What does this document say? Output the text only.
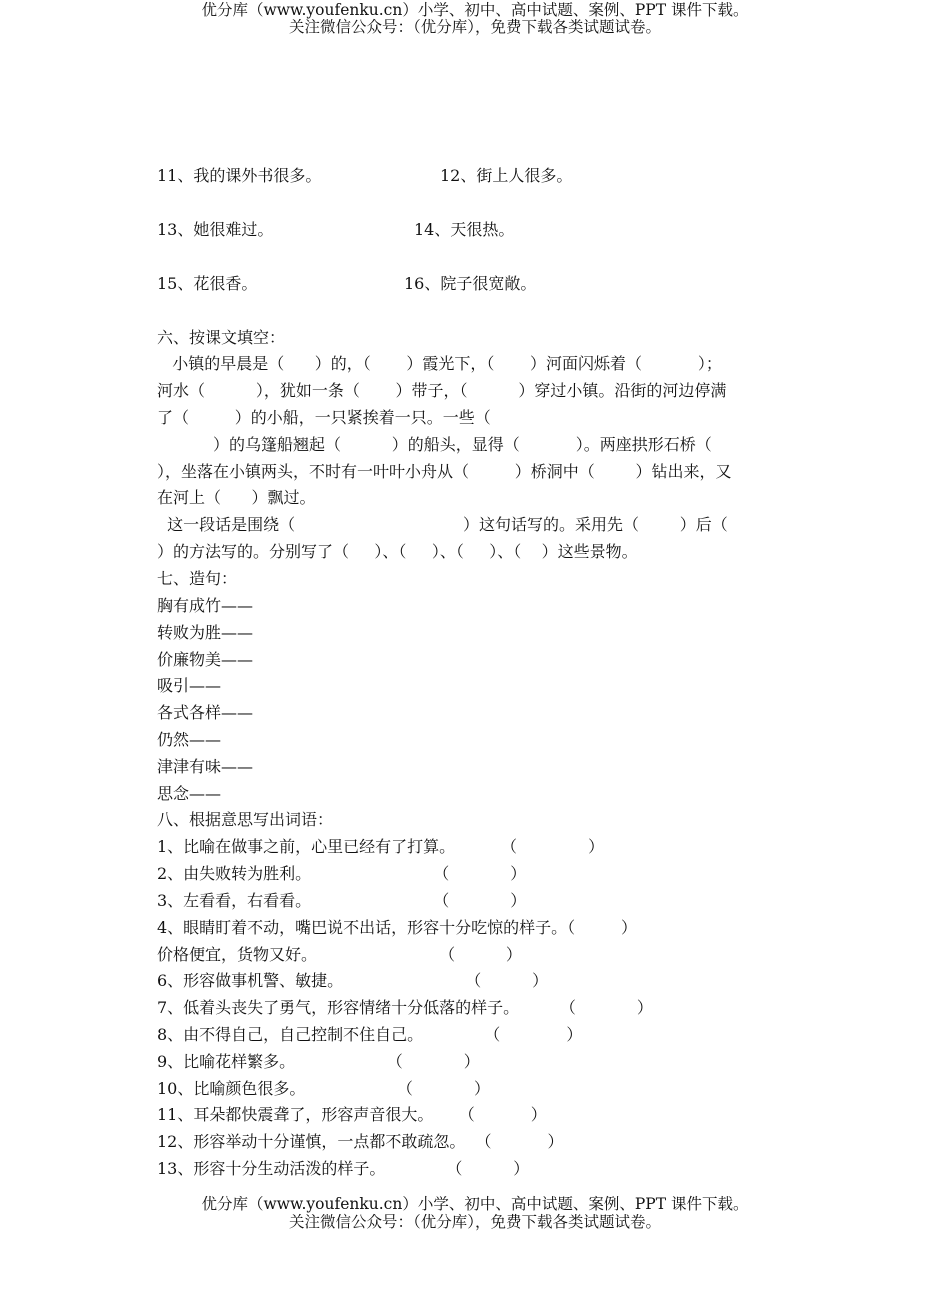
优分库（www.youfenku.cn）小学、初中、高中试题、案例、PPT 课件下载。
关注微信公众号：（优分库），免费下载各类试题试卷。

11、我的课外书很多。

	12、街上人很多。

13、她很难过。

	14、天很热。

15、花很香。

	16、院子很宽敞。

六、按课文填空：
小镇的早晨是（      ）的，（       ）霞光下，（       ）河面闪烁着（           ）；
河水（          ），犹如一条（       ）带子，（          ）穿过小镇。沿街的河边停满
了（         ）的小船，一只紧挨着一只。一些（
）的乌篷船翘起（          ）的船头，显得（           ）。两座拱形石桥（
），坐落在小镇两头，不时有一叶叶小舟从（         ）桥洞中（        ）钻出来，又
在河上（      ）飘过。
这一段话是围绕（                                 ）这句话写的。采用先（        ）后（
）的方法写的。分别写了（     ）、（     ）、（     ）、（    ）这些景物。
七、造句：
胸有成竹——
转败为胜——
价廉物美——
吸引——
各式各样——
仍然——
津津有味——
思念——
八、根据意思写出词语：
1、比喻在做事之前，心里已经有了打算。         （              ）
2、由失败转为胜利。                        （            ）
3、左看看，右看看。                        （            ）
4、眼睛盯着不动，嘴巴说不出话，形容十分吃惊的样子。（         ）
价格便宜，货物又好。                        （          ）
6、形容做事机警、敏捷。                        （          ）
7、低着头丧失了勇气，形容情绪十分低落的样子。        （            ）
8、由不得自己，自己控制不住自己。            （             ）
9、比喻花样繁多。                  （            ）
10、比喻颜色很多。                  （            ）
11、耳朵都快震聋了，形容声音很大。     （           ）
12、形容举动十分谨慎，一点都不敢疏忽。  （           ）
13、形容十分生动活泼的样子。            （          ）
优分库（www.youfenku.cn）小学、初中、高中试题、案例、PPT 课件下载。
关注微信公众号：（优分库），免费下载各类试题试卷。
